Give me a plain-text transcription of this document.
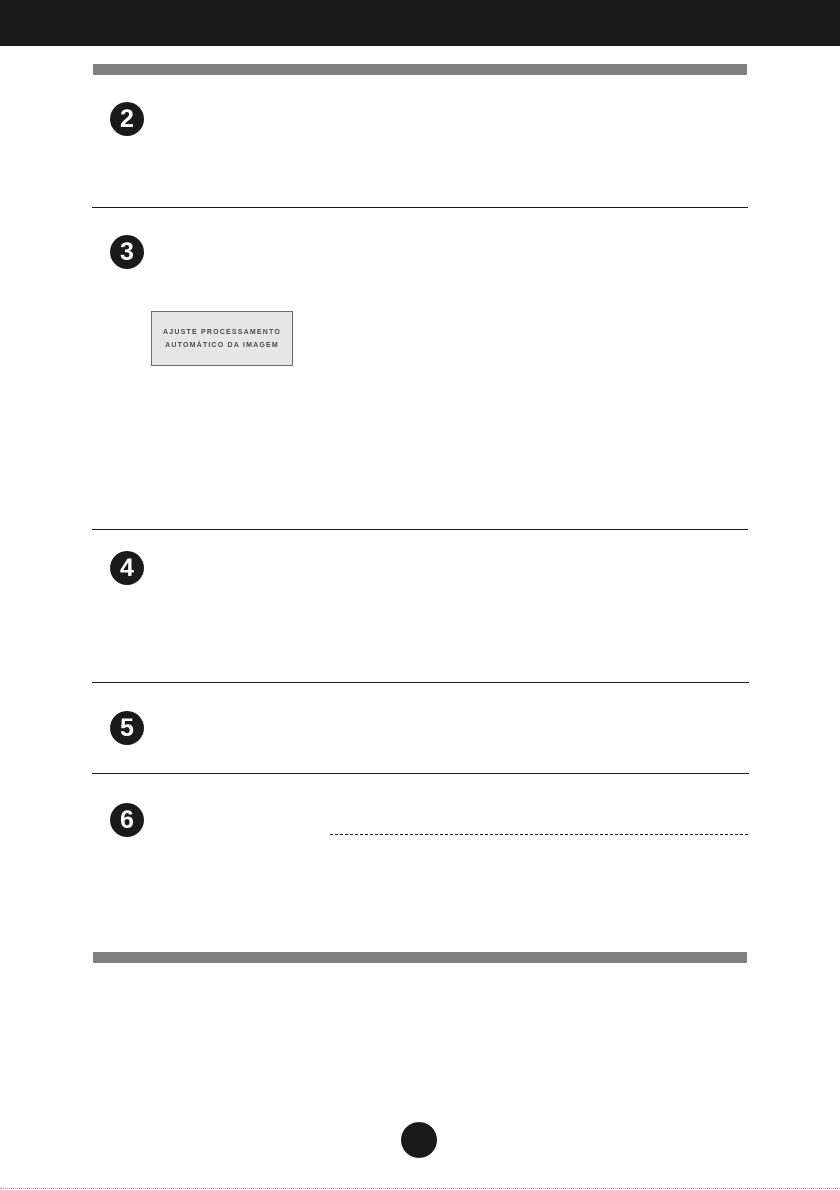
2
3
AJUSTE PROCESSAMENTO
AUTOMÁTICO DA IMAGEM
4
5
6
